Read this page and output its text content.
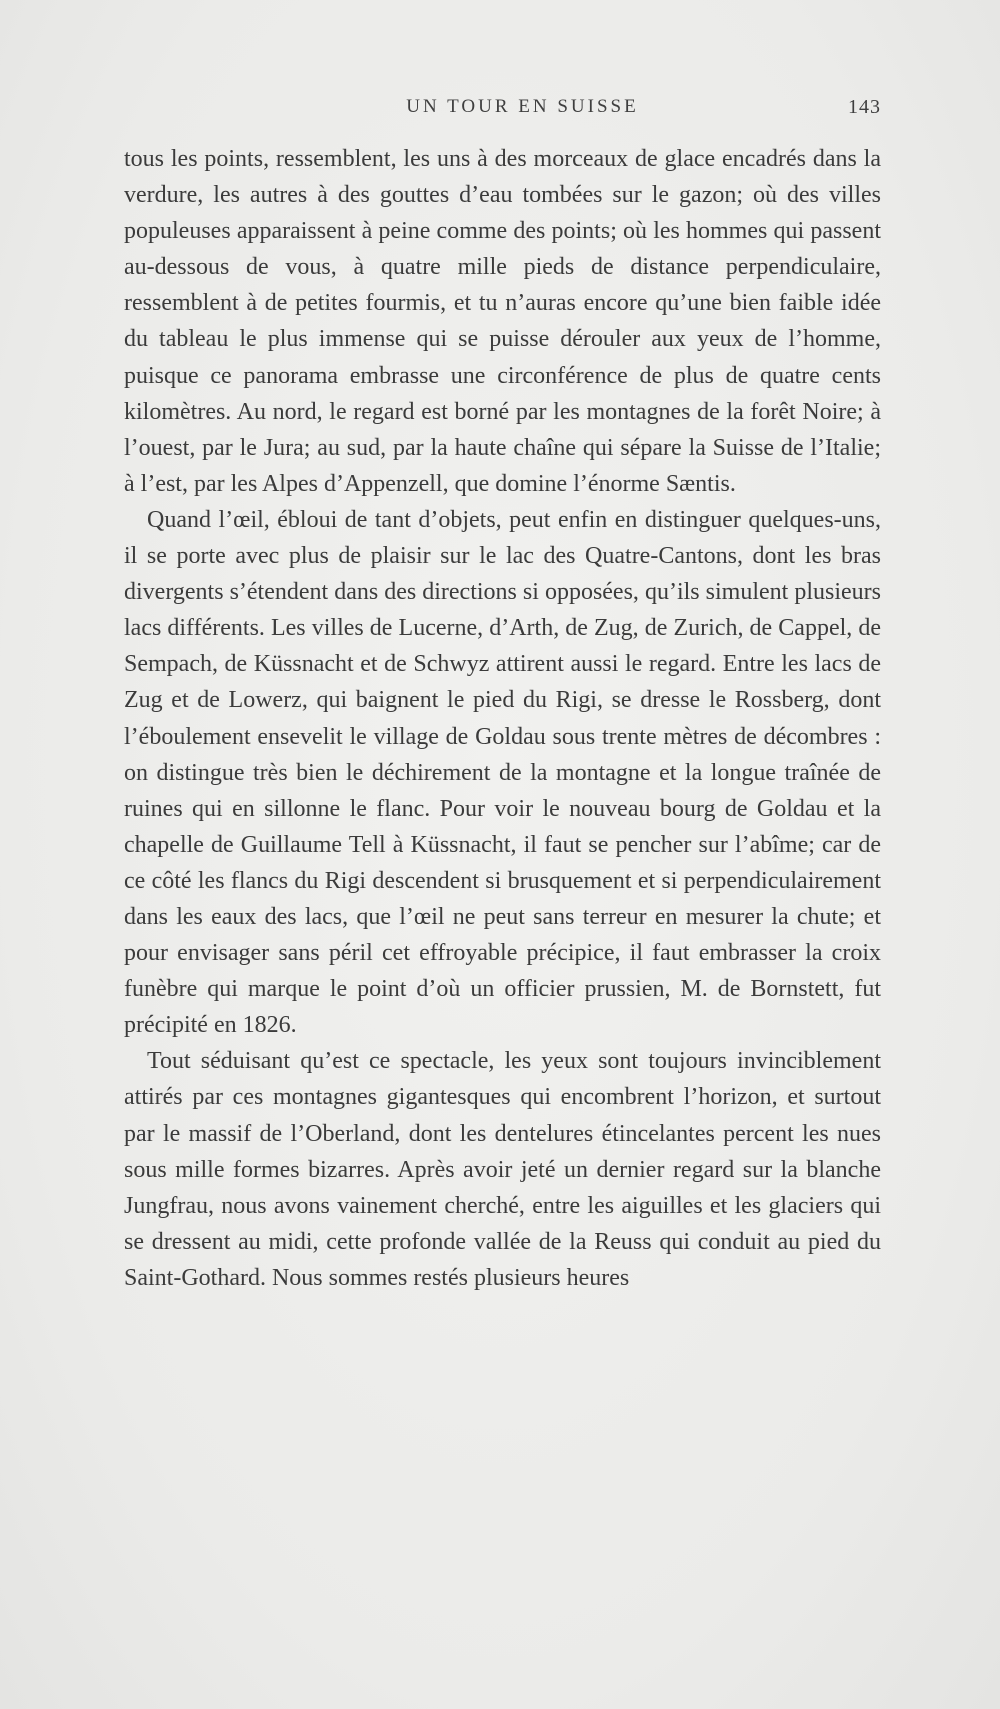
UN TOUR EN SUISSE	143

tous les points, ressemblent, les uns à des morceaux de glace encadrés dans la verdure, les autres à des gouttes d’eau tombées sur le gazon; où des villes populeuses apparaissent à peine comme des points; où les hommes qui passent au-dessous de vous, à quatre mille pieds de distance perpendiculaire, ressemblent à de petites fourmis, et tu n’auras encore qu’une bien faible idée du tableau le plus immense qui se puisse dérouler aux yeux de l’homme, puisque ce panorama embrasse une circonférence de plus de quatre cents kilomètres. Au nord, le regard est borné par les montagnes de la forêt Noire; à l’ouest, par le Jura; au sud, par la haute chaîne qui sépare la Suisse de l’Italie; à l’est, par les Alpes d’Appenzell, que domine l’énorme Sæntis.

Quand l’œil, ébloui de tant d’objets, peut enfin en distinguer quelques-uns, il se porte avec plus de plaisir sur le lac des Quatre-Cantons, dont les bras divergents s’étendent dans des directions si opposées, qu’ils simulent plusieurs lacs différents. Les villes de Lucerne, d’Arth, de Zug, de Zurich, de Cappel, de Sempach, de Küssnacht et de Schwyz attirent aussi le regard. Entre les lacs de Zug et de Lowerz, qui baignent le pied du Rigi, se dresse le Rossberg, dont l’éboulement ensevelit le village de Goldau sous trente mètres de décombres : on distingue très bien le déchirement de la montagne et la longue traînée de ruines qui en sillonne le flanc. Pour voir le nouveau bourg de Goldau et la chapelle de Guillaume Tell à Küssnacht, il faut se pencher sur l’abîme; car de ce côté les flancs du Rigi descendent si brusquement et si perpendiculairement dans les eaux des lacs, que l’œil ne peut sans terreur en mesurer la chute; et pour envisager sans péril cet effroyable précipice, il faut embrasser la croix funèbre qui marque le point d’où un officier prussien, M. de Bornstett, fut précipité en 1826.

Tout séduisant qu’est ce spectacle, les yeux sont toujours invinciblement attirés par ces montagnes gigantesques qui encombrent l’horizon, et surtout par le massif de l’Oberland, dont les dentelures étincelantes percent les nues sous mille formes bizarres. Après avoir jeté un dernier regard sur la blanche Jungfrau, nous avons vainement cherché, entre les aiguilles et les glaciers qui se dressent au midi, cette profonde vallée de la Reuss qui conduit au pied du Saint-Gothard. Nous sommes restés plusieurs heures
